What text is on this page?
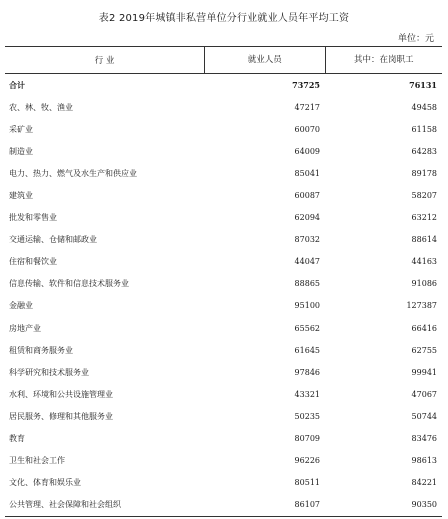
表2 2019年城镇非私营单位分行业就业人员年平均工资
单位：元
行 业	就业人员	其中：在岗职工
合计	73725	76131
农、林、牧、渔业	47217	49458
采矿业	60070	61158
制造业	64009	64283
电力、热力、燃气及水生产和供应业	85041	89178
建筑业	60087	58207
批发和零售业	62094	63212
交通运输、仓储和邮政业	87032	88614
住宿和餐饮业	44047	44163
信息传输、软件和信息技术服务业	88865	91086
金融业	95100	127387
房地产业	65562	66416
租赁和商务服务业	61645	62755
科学研究和技术服务业	97846	99941
水利、环境和公共设施管理业	43321	47067
居民服务、修理和其他服务业	50235	50744
教育	80709	83476
卫生和社会工作	96226	98613
文化、体育和娱乐业	80511	84221
公共管理、社会保障和社会组织	86107	90350
